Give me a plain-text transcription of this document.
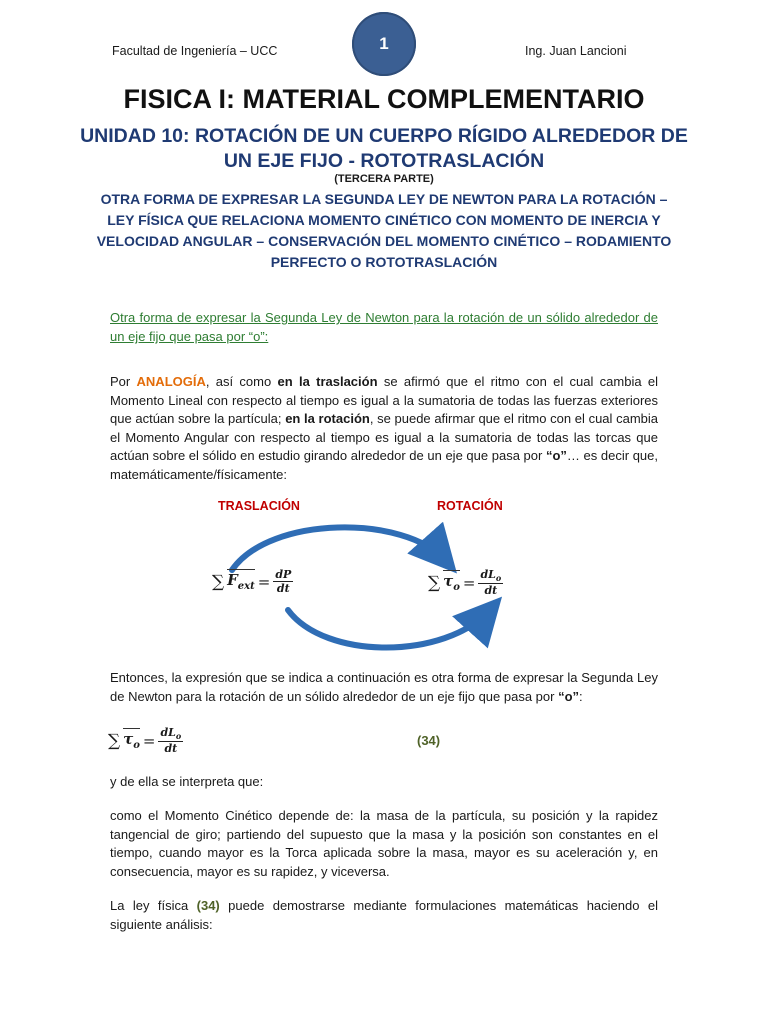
Facultad de Ingeniería – UCC	1	Ing. Juan Lancioni
FISICA I: MATERIAL COMPLEMENTARIO
UNIDAD 10: ROTACIÓN DE UN CUERPO RÍGIDO ALREDEDOR DE UN EJE FIJO - ROTOTRASLACIÓN
(TERCERA PARTE)
OTRA FORMA DE EXPRESAR LA SEGUNDA LEY DE NEWTON PARA LA ROTACIÓN – LEY FÍSICA QUE RELACIONA MOMENTO CINÉTICO CON MOMENTO DE INERCIA Y VELOCIDAD ANGULAR – CONSERVACIÓN DEL MOMENTO CINÉTICO – RODAMIENTO PERFECTO O ROTOTRASLACIÓN
Otra forma de expresar la Segunda Ley de Newton para la rotación de un sólido alrededor de un eje fijo que pasa por “o”:
Por ANALOGÍA, así como en la traslación se afirmó que el ritmo con el cual cambia el Momento Lineal con respecto al tiempo es igual a la sumatoria de todas las fuerzas exteriores que actúan sobre la partícula; en la rotación, se puede afirmar que el ritmo con el cual cambia el Momento Angular con respecto al tiempo es igual a la sumatoria de todas las torcas que actúan sobre el sólido en estudio girando alrededor de un eje que pasa por “o”… es decir que, matemáticamente/físicamente:
TRASLACIÓN	ROTACIÓN
∑ $F_{ext} = \frac{dP}{dt}$	∑ $\tau_o = \frac{dL_o}{dt}$
Entonces, la expresión que se indica a continuación es otra forma de expresar la Segunda Ley de Newton para la rotación de un sólido alrededor de un eje fijo que pasa por “o”:
∑ $\tau_o = \frac{dL_o}{dt}$	(34)
y de ella se interpreta que:
como el Momento Cinético depende de: la masa de la partícula, su posición y la rapidez tangencial de giro; partiendo del supuesto que la masa y la posición son constantes en el tiempo, cuando mayor es la Torca aplicada sobre la masa, mayor es su aceleración y, en consecuencia, mayor es su rapidez, y viceversa.
La ley física (34) puede demostrarse mediante formulaciones matemáticas haciendo el siguiente análisis:
